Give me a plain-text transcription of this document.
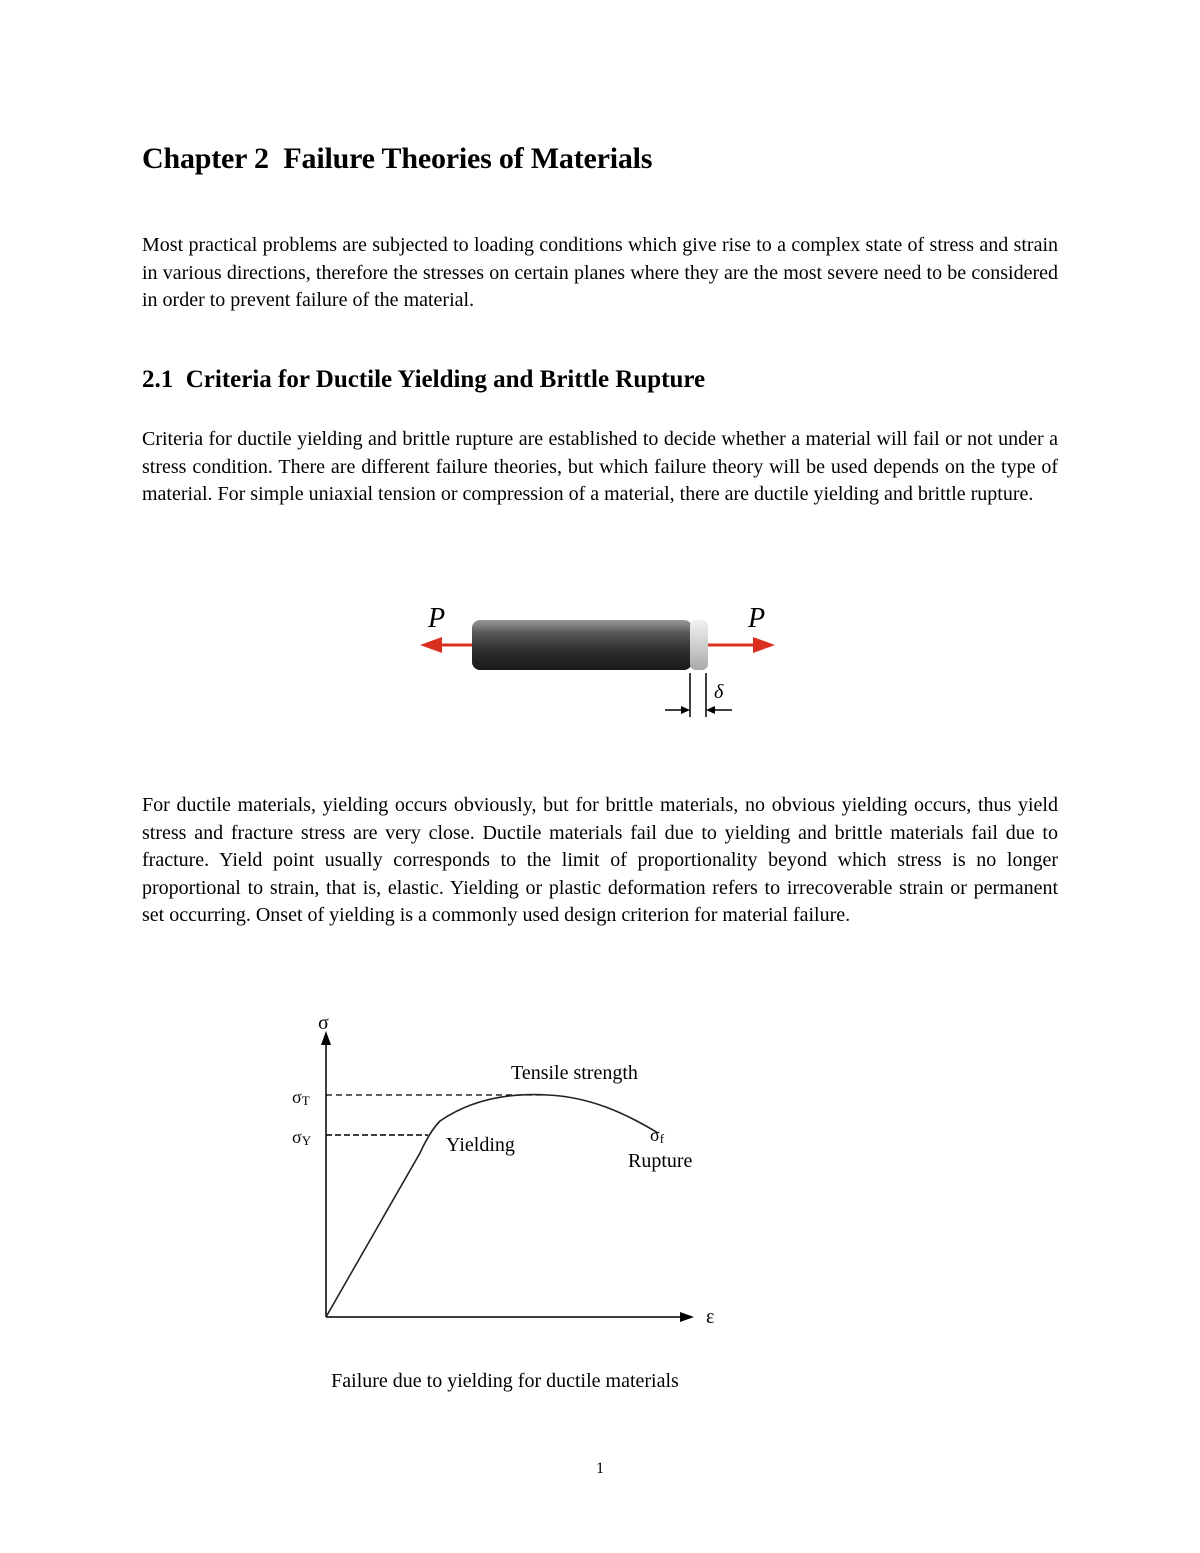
Chapter 2  Failure Theories of Materials

Most practical problems are subjected to loading conditions which give rise to a complex state of stress and strain in various directions, therefore the stresses on certain planes where they are the most severe need to be considered in order to prevent failure of the material.

2.1  Criteria for Ductile Yielding and Brittle Rupture

Criteria for ductile yielding and brittle rupture are established to decide whether a material will fail or not under a stress condition. There are different failure theories, but which failure theory will be used depends on the type of material. For simple uniaxial tension or compression of a material, there are ductile yielding and brittle rupture.

P	P
δ

For ductile materials, yielding occurs obviously, but for brittle materials, no obvious yielding occurs, thus yield stress and fracture stress are very close. Ductile materials fail due to yielding and brittle materials fail due to fracture. Yield point usually corresponds to the limit of proportionality beyond which stress is no longer proportional to strain, that is, elastic. Yielding or plastic deformation refers to irrecoverable strain or permanent set occurring. Onset of yielding is a commonly used design criterion for material failure.

σ
ε
σT
σY
Tensile strength
Yielding	σf
Rupture

Failure due to yielding for ductile materials

1
